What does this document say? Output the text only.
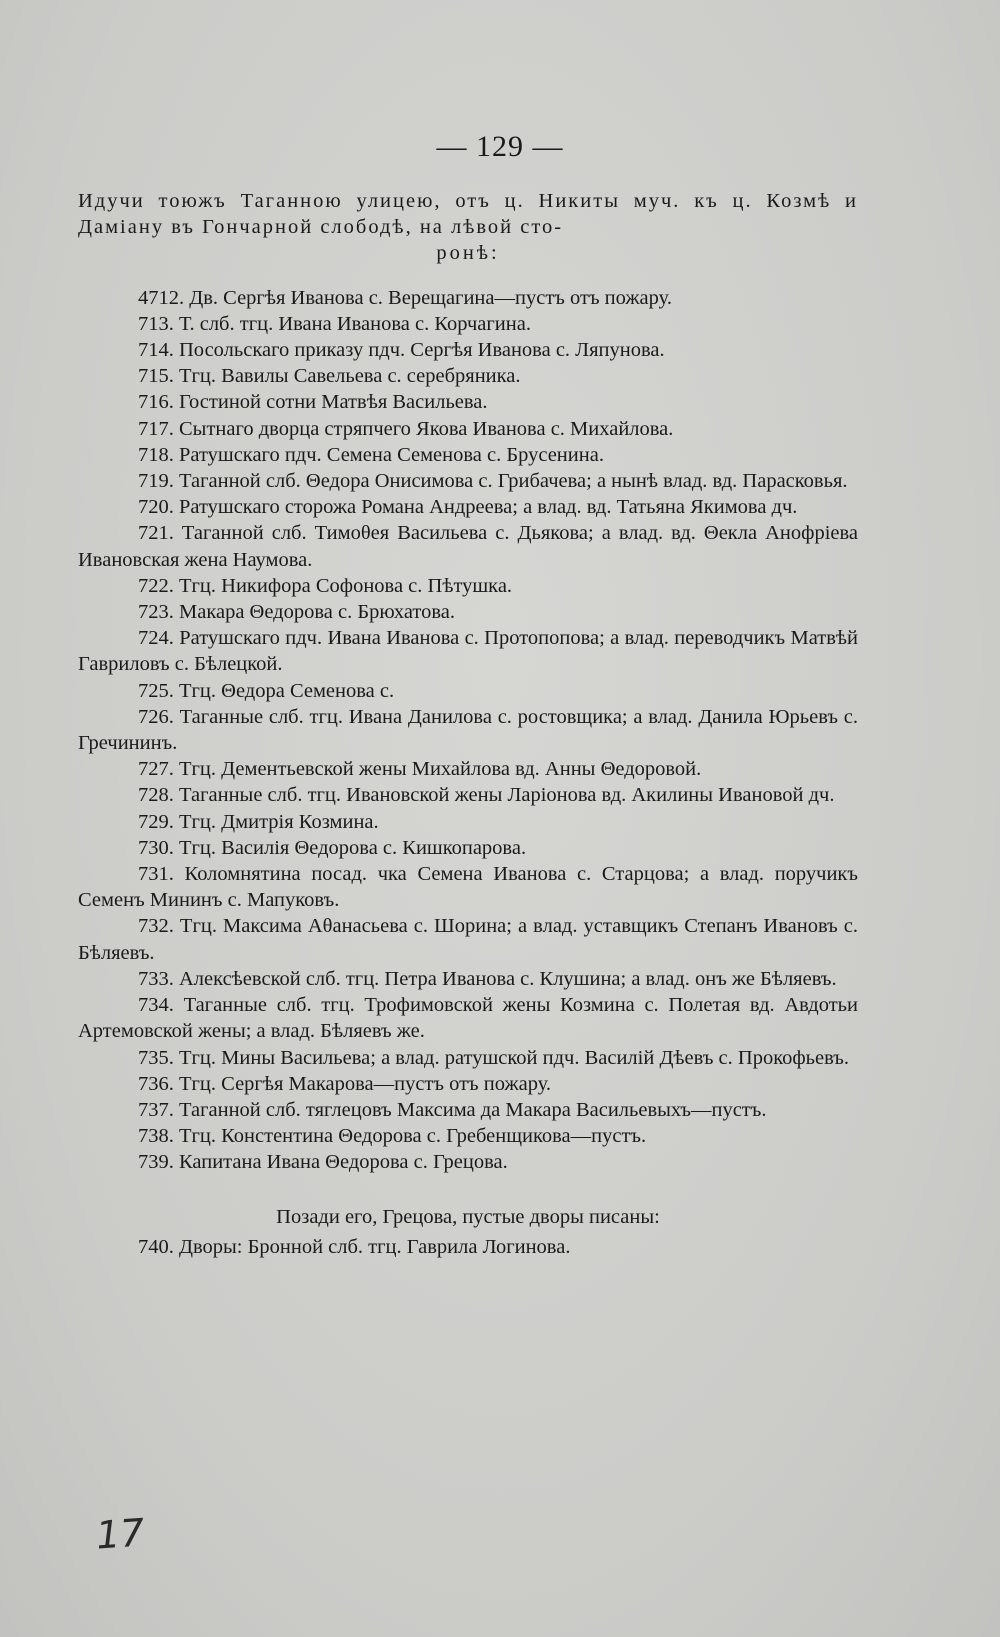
— 129 —
Идучи тоюжъ Таганною улицею, отъ ц. Никиты муч. къ ц. Козмѣ и Даміану въ Гончарной слободѣ, на лѣвой сто-
ронѣ:
4712. Дв. Сергѣя Иванова с. Верещагина—пустъ отъ пожару.
713. Т. слб. тгц. Ивана Иванова с. Корчагина.
714. Посольскаго приказу пдч. Сергѣя Иванова с. Ляпунова.
715. Тгц. Вавилы Савельева с. серебряника.
716. Гостиной сотни Матвѣя Васильева.
717. Сытнаго дворца стряпчего Якова Иванова с. Михайлова.
718. Ратушскаго пдч. Семена Семенова с. Брусенина.
719. Таганной слб. Θедора Онисимова с. Грибачева; а нынѣ влад. вд. Парасковья.
720. Ратушскаго сторожа Романа Андреева; а влад. вд. Татьяна Якимова дч.
721. Таганной слб. Тимоθея Васильева с. Дьякова; а влад. вд. Θекла Анофріева Ивановская жена Наумова.
722. Тгц. Никифора Софонова с. Пѣтушка.
723. Макара Θедорова с. Брюхатова.
724. Ратушскаго пдч. Ивана Иванова с. Протопопова; а влад. переводчикъ Матвѣй Гавриловъ с. Бѣлецкой.
725. Тгц. Θедора Семенова с.
726. Таганные слб. тгц. Ивана Данилова с. ростовщика; а влад. Данила Юрьевъ с. Гречининъ.
727. Тгц. Дементьевской жены Михайлова вд. Анны Θедоровой.
728. Таганные слб. тгц. Ивановской жены Ларіонова вд. Акилины Ивановой дч.
729. Тгц. Дмитрія Козмина.
730. Тгц. Василія Θедорова с. Кишкопарова.
731. Коломнятина посад. чка Семена Иванова с. Старцова; а влад. поручикъ Семенъ Мининъ с. Мапуковъ.
732. Тгц. Максима Аθанасьева с. Шорина; а влад. уставщикъ Степанъ Ивановъ с. Бѣляевъ.
733. Алексѣевской слб. тгц. Петра Иванова с. Клушина; а влад. онъ же Бѣляевъ.
734. Таганные слб. тгц. Трофимовской жены Козмина с. Полетая вд. Авдотьи Артемовской жены; а влад. Бѣляевъ же.
735. Тгц. Мины Васильева; а влад. ратушской пдч. Василій Дѣевъ с. Прокофьевъ.
736. Тгц. Сергѣя Макарова—пустъ отъ пожару.
737. Таганной слб. тяглецовъ Максима да Макара Васильевыхъ—пустъ.
738. Тгц. Констентина Θедорова с. Гребенщикова—пустъ.
739. Капитана Ивана Θедорова с. Грецова.
Позади его, Грецова, пустые дворы писаны:
740. Дворы: Бронной слб. тгц. Гаврила Логинова.
17
